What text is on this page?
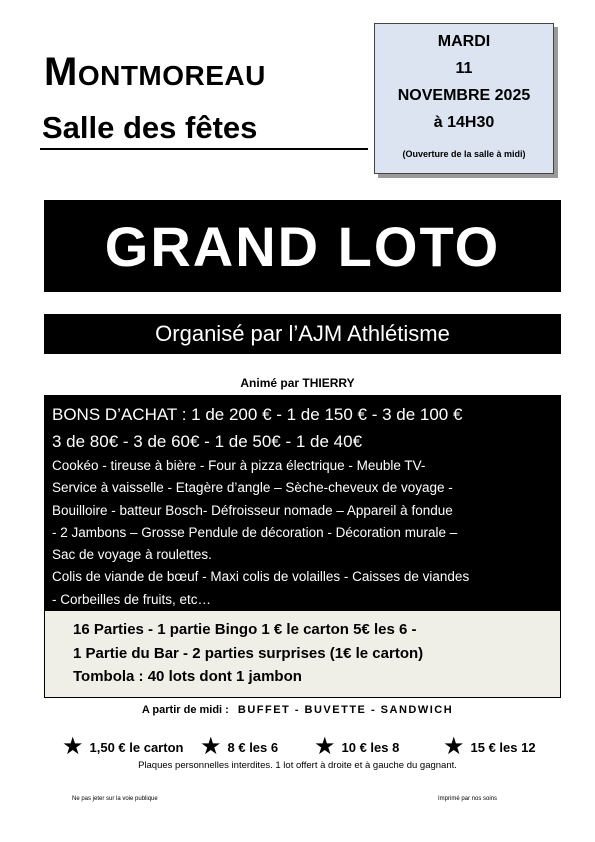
MONTMOREAU
Salle des fêtes
MARDI
11
NOVEMBRE 2025
à 14H30
(Ouverture de la salle à midi)
GRAND LOTO
Organisé par l’AJM Athlétisme
Animé par THIERRY
BONS D’ACHAT : 1 de 200 € - 1 de 150 € - 3 de 100 €
3 de 80€ - 3 de 60€ - 1 de 50€ - 1 de 40€
Cookéo - tireuse à bière - Four à pizza électrique - Meuble TV-
Service à vaisselle - Etagère d’angle – Sèche-cheveux de voyage -
Bouilloire - batteur Bosch- Défroisseur nomade – Appareil à fondue
- 2 Jambons – Grosse Pendule de décoration - Décoration murale –
Sac de voyage à roulettes.
Colis de viande de bœuf - Maxi colis de volailles - Caisses de viandes
- Corbeilles de fruits, etc…
16 Parties - 1 partie Bingo 1 € le carton 5€ les 6 -
1 Partie du Bar - 2 parties surprises (1€ le carton)
Tombola : 40 lots dont 1 jambon
A partir de midi : BUFFET - BUVETTE - SANDWICH
★ 1,50 € le carton ★ 8 € les 6 ★ 10 € les 8 ★ 15 € les 12
Plaques personnelles interdites. 1 lot offert à droite et à gauche du gagnant.
Ne pas jeter sur la voie publique	Imprimé par nos soins
